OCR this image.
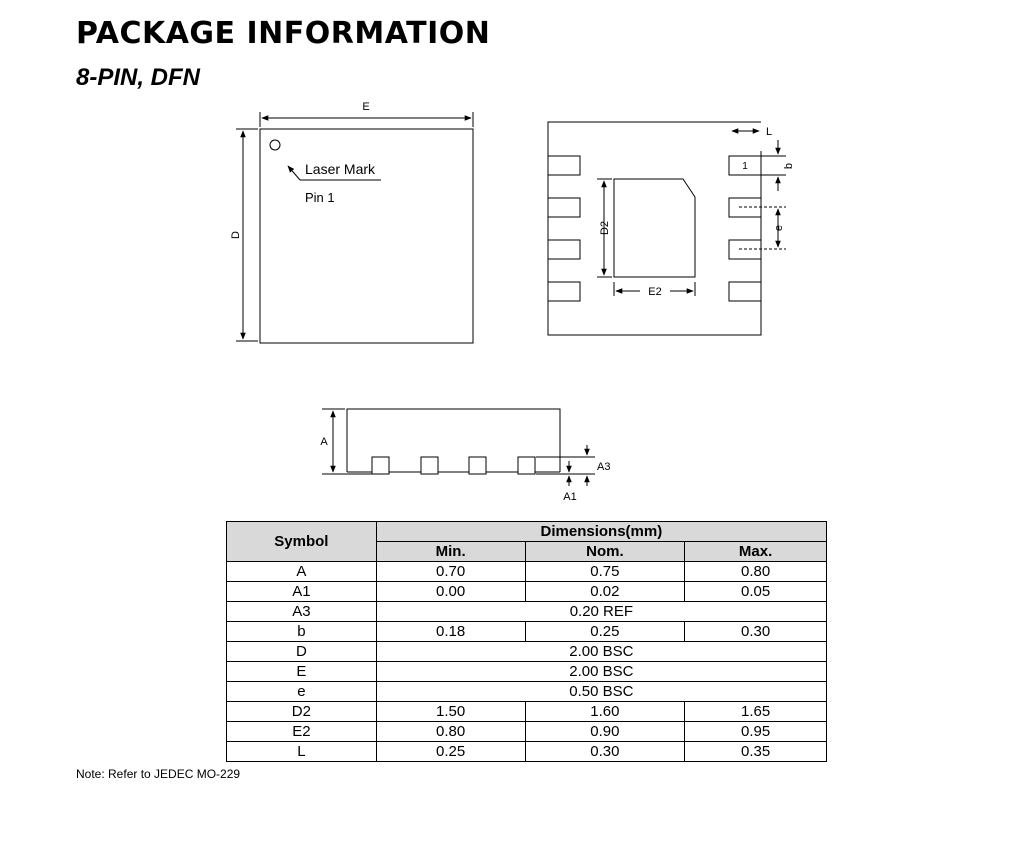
PACKAGE INFORMATION
8-PIN, DFN
E
D
Laser Mark
Pin 1
L
b
e
D2
E2
1
A
A3
A1
Symbol	Dimensions(mm)		
	Min.	Nom.	Max.
A	0.70	0.75	0.80
A1	0.00	0.02	0.05
A3	0.20 REF		
b	0.18	0.25	0.30
D	2.00 BSC		
E	2.00 BSC		
e	0.50 BSC		
D2	1.50	1.60	1.65
E2	0.80	0.90	0.95
L	0.25	0.30	0.35
Note: Refer to JEDEC MO-229
